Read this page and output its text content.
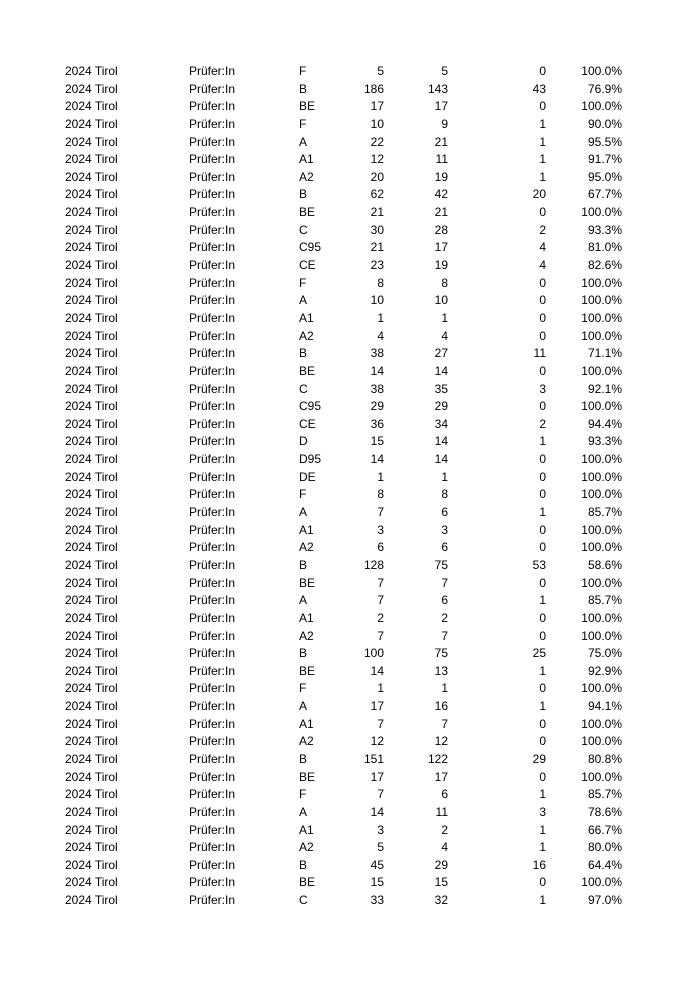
2024 Tirol	Prüfer:In	F	5	5	0	100.0%
2024 Tirol	Prüfer:In	B	186	143	43	76.9%
2024 Tirol	Prüfer:In	BE	17	17	0	100.0%
2024 Tirol	Prüfer:In	F	10	9	1	90.0%
2024 Tirol	Prüfer:In	A	22	21	1	95.5%
2024 Tirol	Prüfer:In	A1	12	11	1	91.7%
2024 Tirol	Prüfer:In	A2	20	19	1	95.0%
2024 Tirol	Prüfer:In	B	62	42	20	67.7%
2024 Tirol	Prüfer:In	BE	21	21	0	100.0%
2024 Tirol	Prüfer:In	C	30	28	2	93.3%
2024 Tirol	Prüfer:In	C95	21	17	4	81.0%
2024 Tirol	Prüfer:In	CE	23	19	4	82.6%
2024 Tirol	Prüfer:In	F	8	8	0	100.0%
2024 Tirol	Prüfer:In	A	10	10	0	100.0%
2024 Tirol	Prüfer:In	A1	1	1	0	100.0%
2024 Tirol	Prüfer:In	A2	4	4	0	100.0%
2024 Tirol	Prüfer:In	B	38	27	11	71.1%
2024 Tirol	Prüfer:In	BE	14	14	0	100.0%
2024 Tirol	Prüfer:In	C	38	35	3	92.1%
2024 Tirol	Prüfer:In	C95	29	29	0	100.0%
2024 Tirol	Prüfer:In	CE	36	34	2	94.4%
2024 Tirol	Prüfer:In	D	15	14	1	93.3%
2024 Tirol	Prüfer:In	D95	14	14	0	100.0%
2024 Tirol	Prüfer:In	DE	1	1	0	100.0%
2024 Tirol	Prüfer:In	F	8	8	0	100.0%
2024 Tirol	Prüfer:In	A	7	6	1	85.7%
2024 Tirol	Prüfer:In	A1	3	3	0	100.0%
2024 Tirol	Prüfer:In	A2	6	6	0	100.0%
2024 Tirol	Prüfer:In	B	128	75	53	58.6%
2024 Tirol	Prüfer:In	BE	7	7	0	100.0%
2024 Tirol	Prüfer:In	A	7	6	1	85.7%
2024 Tirol	Prüfer:In	A1	2	2	0	100.0%
2024 Tirol	Prüfer:In	A2	7	7	0	100.0%
2024 Tirol	Prüfer:In	B	100	75	25	75.0%
2024 Tirol	Prüfer:In	BE	14	13	1	92.9%
2024 Tirol	Prüfer:In	F	1	1	0	100.0%
2024 Tirol	Prüfer:In	A	17	16	1	94.1%
2024 Tirol	Prüfer:In	A1	7	7	0	100.0%
2024 Tirol	Prüfer:In	A2	12	12	0	100.0%
2024 Tirol	Prüfer:In	B	151	122	29	80.8%
2024 Tirol	Prüfer:In	BE	17	17	0	100.0%
2024 Tirol	Prüfer:In	F	7	6	1	85.7%
2024 Tirol	Prüfer:In	A	14	11	3	78.6%
2024 Tirol	Prüfer:In	A1	3	2	1	66.7%
2024 Tirol	Prüfer:In	A2	5	4	1	80.0%
2024 Tirol	Prüfer:In	B	45	29	16	64.4%
2024 Tirol	Prüfer:In	BE	15	15	0	100.0%
2024 Tirol	Prüfer:In	C	33	32	1	97.0%
